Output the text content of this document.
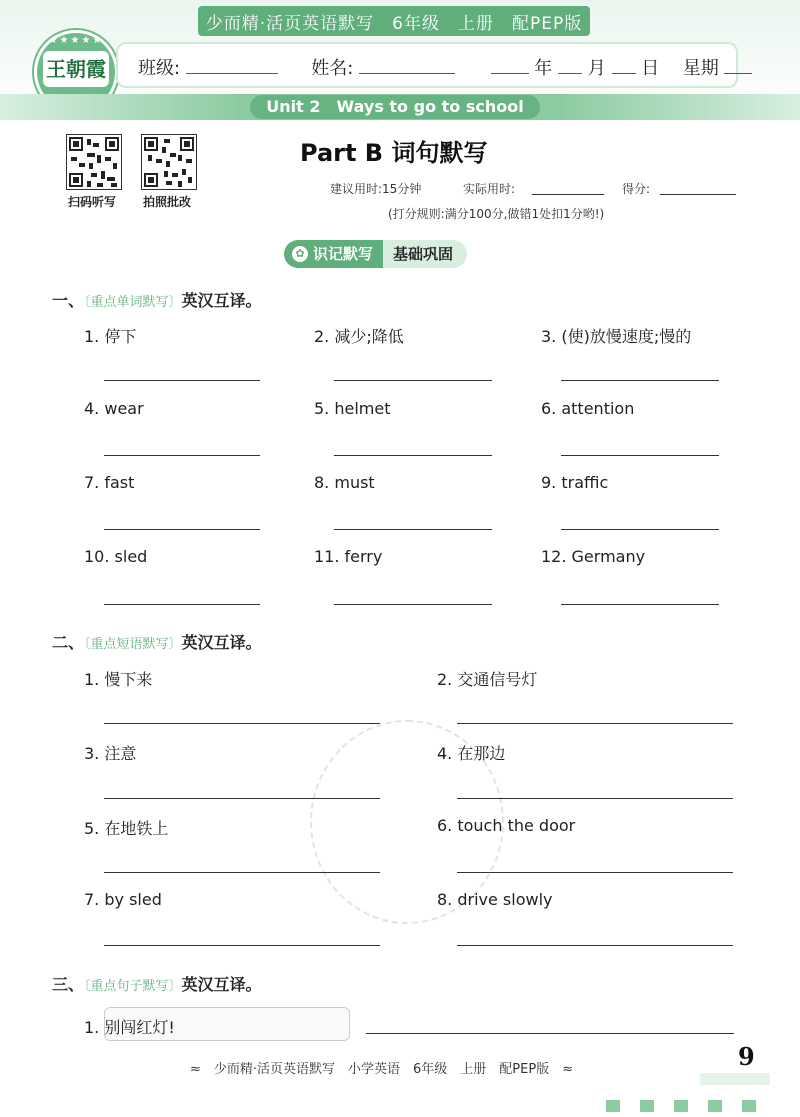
少而精·活页英语默写　6年级　上册　配PEP版
★★★★★
王朝霞 班级:	姓名:	年 月 日 星期
Unit 2　Ways to go to school
扫码听写 拍照批改
Part B 词句默写
建议用时:15分钟	实际用时:	得分:
(打分规则:满分100分,做错1处扣1分哟!)
✿ 识记默写	基础巩固
一、〔重点单词默写〕英汉互译。
1. 停下	2. 减少;降低	3. (使)放慢速度;慢的
4. wear	5. helmet	6. attention
7. fast	8. must	9. traffic
10. sled	11. ferry	12. Germany
二、〔重点短语默写〕英汉互译。
1. 慢下来	2. 交通信号灯
3. 注意	4. 在那边
5. 在地铁上	6. touch the door
7. by sled	8. drive slowly
三、〔重点句子默写〕英汉互译。
1. 别闯红灯!
≈　少而精·活页英语默写　小学英语　6年级　上册　配PEP版　≈	9
